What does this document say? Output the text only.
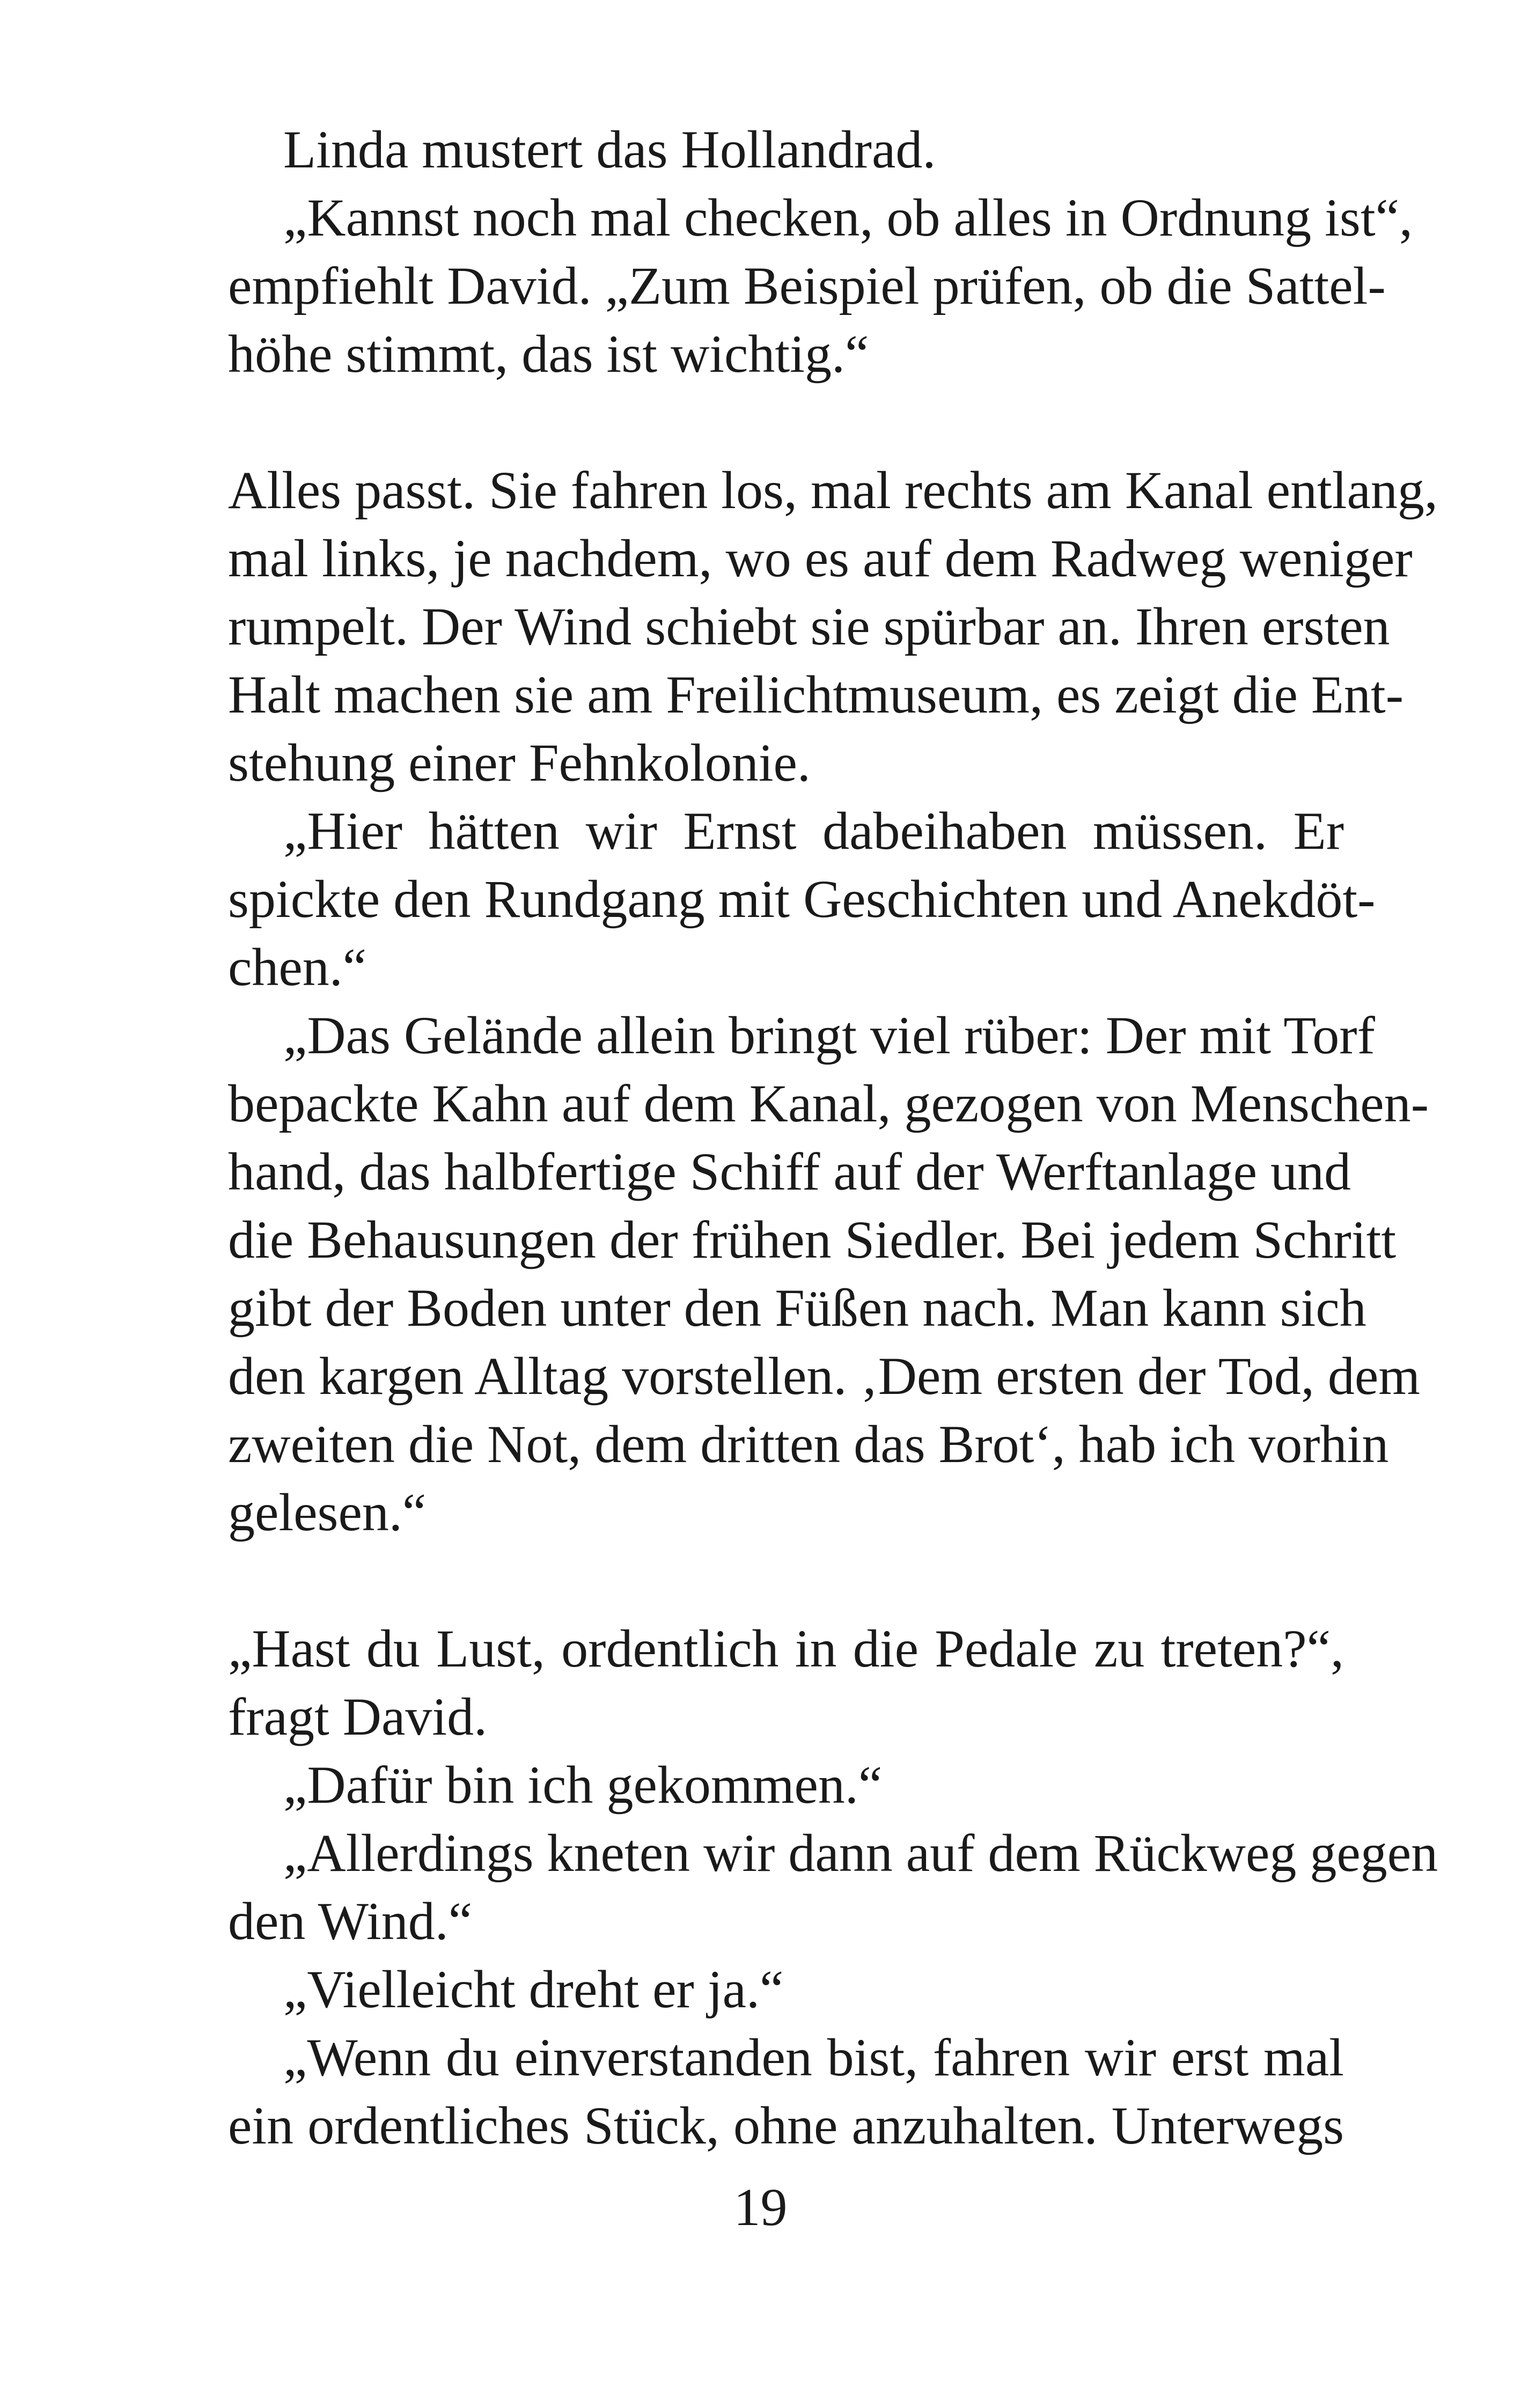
Linda mustert das Hollandrad.
„Kannst noch mal checken, ob alles in Ordnung ist“,
empfiehlt David. „Zum Beispiel prüfen, ob die Sattel-
höhe stimmt, das ist wichtig.“
Alles passt. Sie fahren los, mal rechts am Kanal entlang,
mal links, je nachdem, wo es auf dem Radweg weniger
rumpelt. Der Wind schiebt sie spürbar an. Ihren ersten
Halt machen sie am Freilichtmuseum, es zeigt die Ent-
stehung einer Fehnkolonie.
„Hier hätten wir Ernst dabeihaben müssen. Er
spickte den Rundgang mit Geschichten und Anekdöt-
chen.“
„Das Gelände allein bringt viel rüber: Der mit Torf
bepackte Kahn auf dem Kanal, gezogen von Menschen-
hand, das halbfertige Schiff auf der Werftanlage und
die Behausungen der frühen Siedler. Bei jedem Schritt
gibt der Boden unter den Füßen nach. Man kann sich
den kargen Alltag vorstellen. ‚Dem ersten der Tod, dem
zweiten die Not, dem dritten das Brot‘, hab ich vorhin
gelesen.“
„Hast du Lust, ordentlich in die Pedale zu treten?“,
fragt David.
„Dafür bin ich gekommen.“
„Allerdings kneten wir dann auf dem Rückweg gegen
den Wind.“
„Vielleicht dreht er ja.“
„Wenn du einverstanden bist, fahren wir erst mal
ein ordentliches Stück, ohne anzuhalten. Unterwegs
19
